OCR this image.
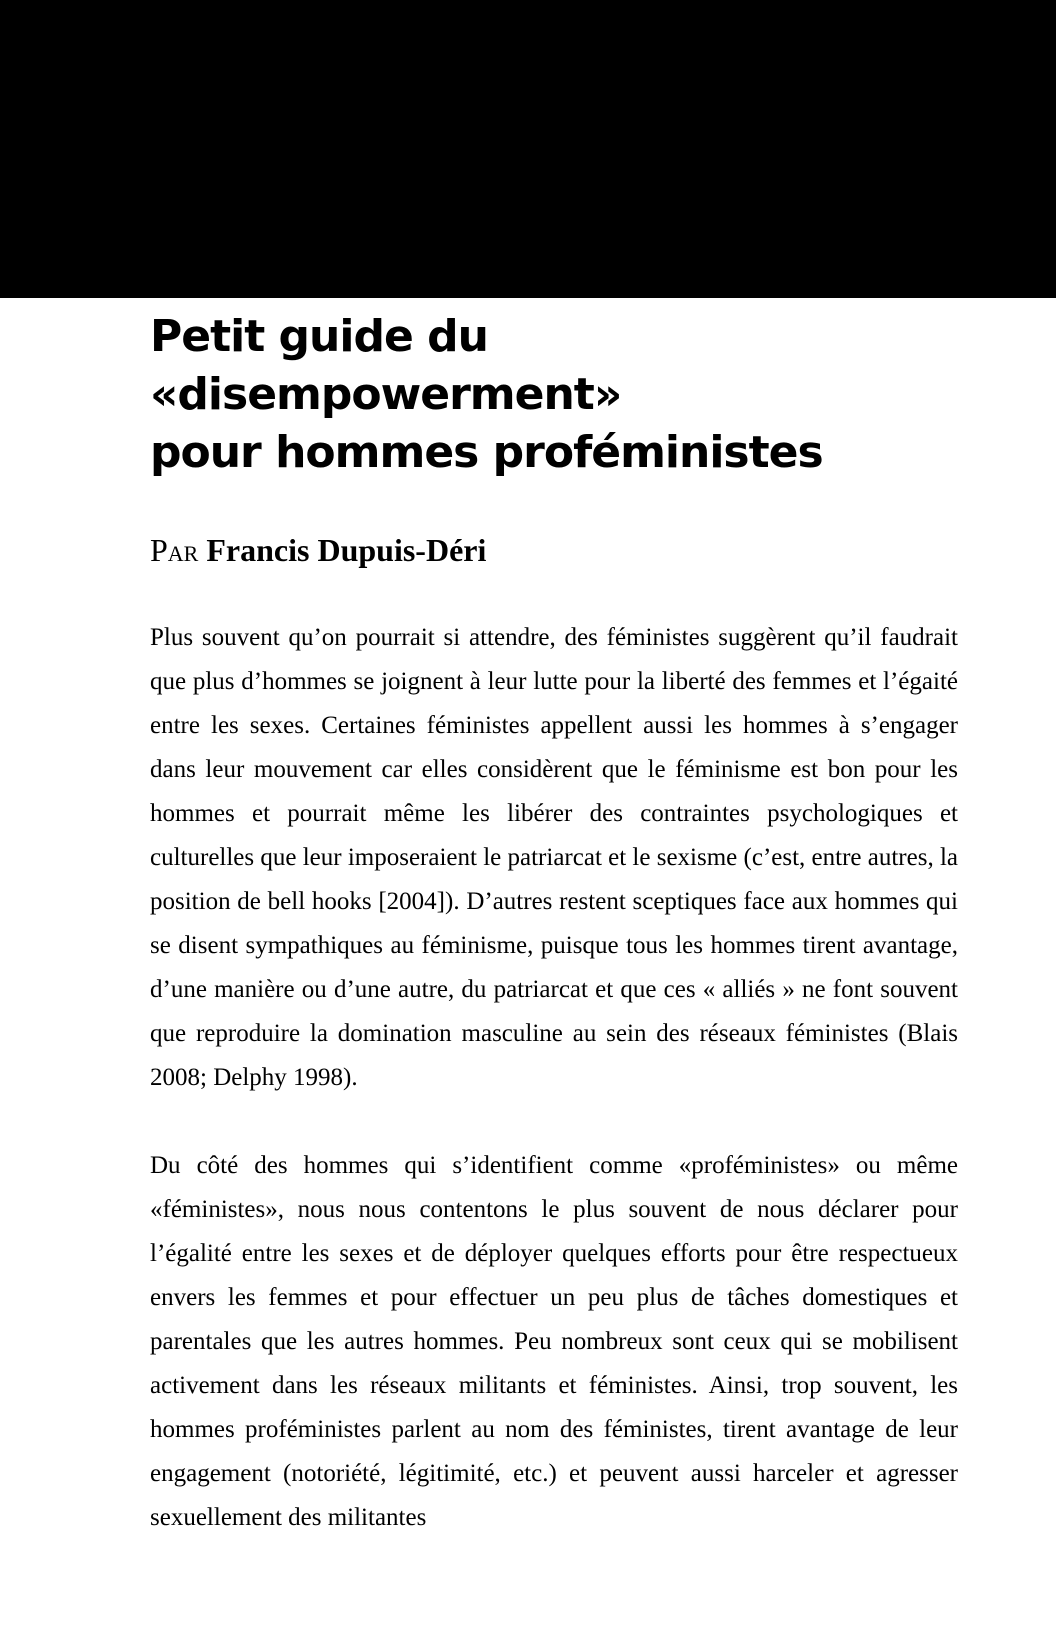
Petit guide du «disempowerment»
pour hommes proféministes
Par Francis Dupuis-Déri

Plus souvent qu’on pourrait si attendre, des féministes suggèrent qu’il faudrait que plus d’hommes se joignent à leur lutte pour la liberté des femmes et l’égaité entre les sexes. Certaines féministes appellent aussi les hommes à s’engager dans leur mouvement car elles considèrent que le féminisme est bon pour les hommes et pourrait même les libérer des contraintes psychologiques et culturelles que leur imposeraient le patriarcat et le sexisme (c’est, entre autres, la position de bell hooks [2004]). D’autres restent sceptiques face aux hommes qui se disent sympathiques au féminisme, puisque tous les hommes tirent avantage, d’une manière ou d’une autre, du patriarcat et que ces « alliés » ne font souvent que reproduire la domination masculine au sein des réseaux féministes (Blais 2008; Delphy 1998).

Du côté des hommes qui s’identifient comme «proféministes» ou même «féministes», nous nous contentons le plus souvent de nous déclarer pour l’égalité entre les sexes et de déployer quelques efforts pour être respectueux envers les femmes et pour effectuer un peu plus de tâches domestiques et parentales que les autres hommes. Peu nombreux sont ceux qui se mobilisent activement dans les réseaux militants et féministes. Ainsi, trop souvent, les hommes proféministes parlent au nom des féministes, tirent avantage de leur engagement (notoriété, légitimité, etc.) et peuvent aussi harceler et agresser sexuellement des militantes
